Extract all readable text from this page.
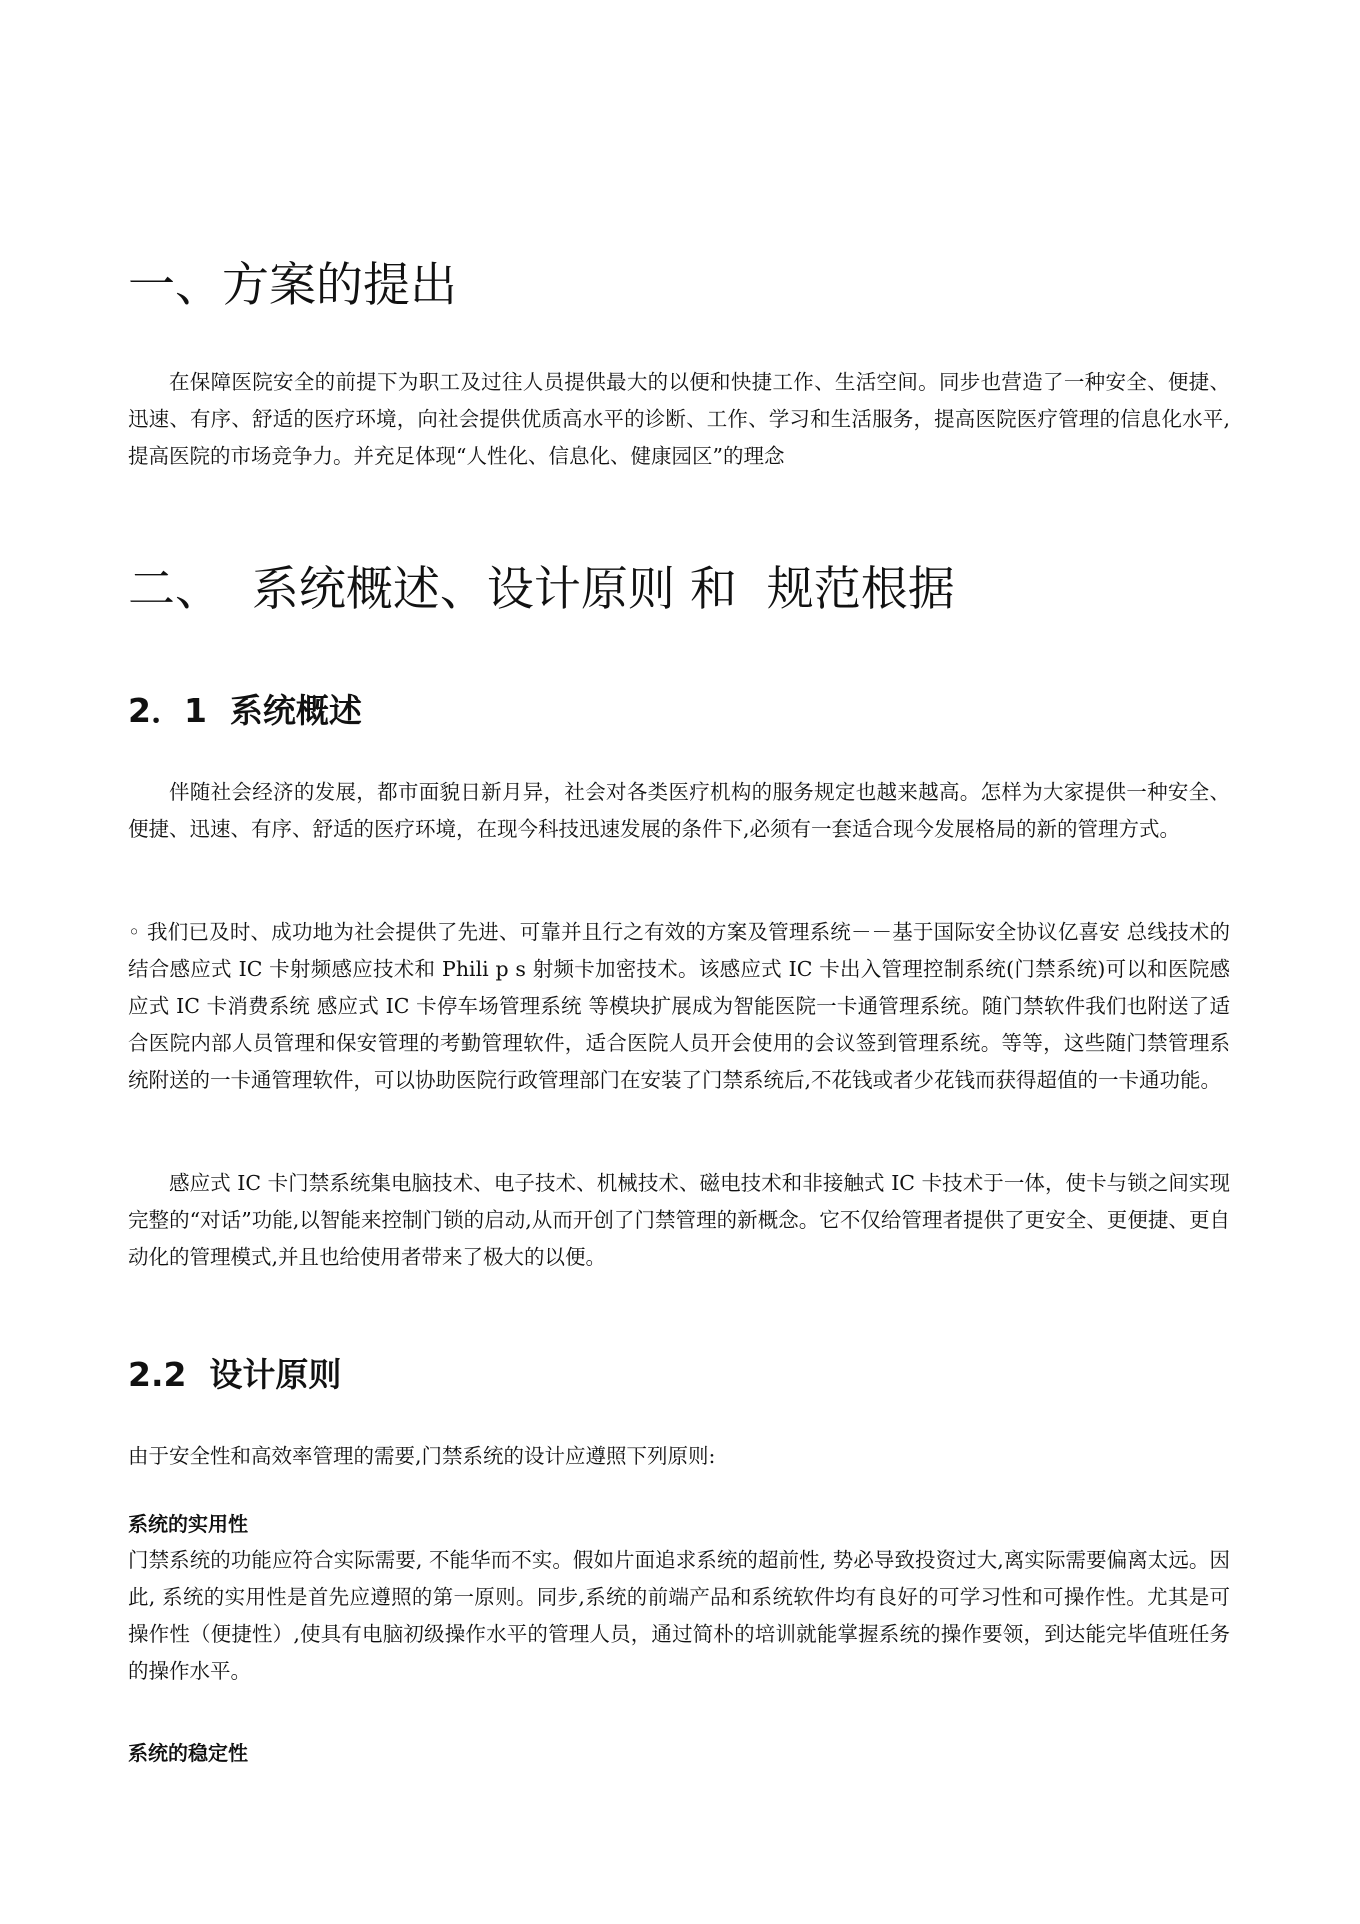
一、方案的提出

在保障医院安全的前提下为职工及过往人员提供最大的以便和快捷工作、生活空间。同步也营造了一种安全、便捷、迅速、有序、舒适的医疗环境，向社会提供优质高水平的诊断、工作、学习和生活服务，提高医院医疗管理的信息化水平,提高医院的市场竞争力。并充足体现“人性化、信息化、健康园区”的理念

二、  系统概述、设计原则 和  规范根据
2．1  系统概述

伴随社会经济的发展，都市面貌日新月异，社会对各类医疗机构的服务规定也越来越高。怎样为大家提供一种安全、便捷、迅速、有序、舒适的医疗环境，在现今科技迅速发展的条件下,必须有一套适合现今发展格局的新的管理方式。

◦ 我们已及时、成功地为社会提供了先进、可靠并且行之有效的方案及管理系统－－基于国际安全协议亿喜安 总线技术的结合感应式 IC 卡射频感应技术和 Phili p s 射频卡加密技术。该感应式 IC 卡出入管理控制系统(门禁系统)可以和医院感应式 IC 卡消费系统 感应式 IC 卡停车场管理系统 等模块扩展成为智能医院一卡通管理系统。随门禁软件我们也附送了适合医院内部人员管理和保安管理的考勤管理软件，适合医院人员开会使用的会议签到管理系统。等等，这些随门禁管理系统附送的一卡通管理软件，可以协助医院行政管理部门在安装了门禁系统后,不花钱或者少花钱而获得超值的一卡通功能。

感应式 IC 卡门禁系统集电脑技术、电子技术、机械技术、磁电技术和非接触式 IC 卡技术于一体，使卡与锁之间实现完整的“对话”功能,以智能来控制门锁的启动,从而开创了门禁管理的新概念。它不仅给管理者提供了更安全、更便捷、更自动化的管理模式,并且也给使用者带来了极大的以便。

2.2  设计原则

由于安全性和高效率管理的需要,门禁系统的设计应遵照下列原则:

系统的实用性

门禁系统的功能应符合实际需要, 不能华而不实。假如片面追求系统的超前性, 势必导致投资过大,离实际需要偏离太远。因此, 系统的实用性是首先应遵照的第一原则。同步,系统的前端产品和系统软件均有良好的可学习性和可操作性。尤其是可操作性（便捷性）,使具有电脑初级操作水平的管理人员，通过简朴的培训就能掌握系统的操作要领，到达能完毕值班任务的操作水平。

系统的稳定性
